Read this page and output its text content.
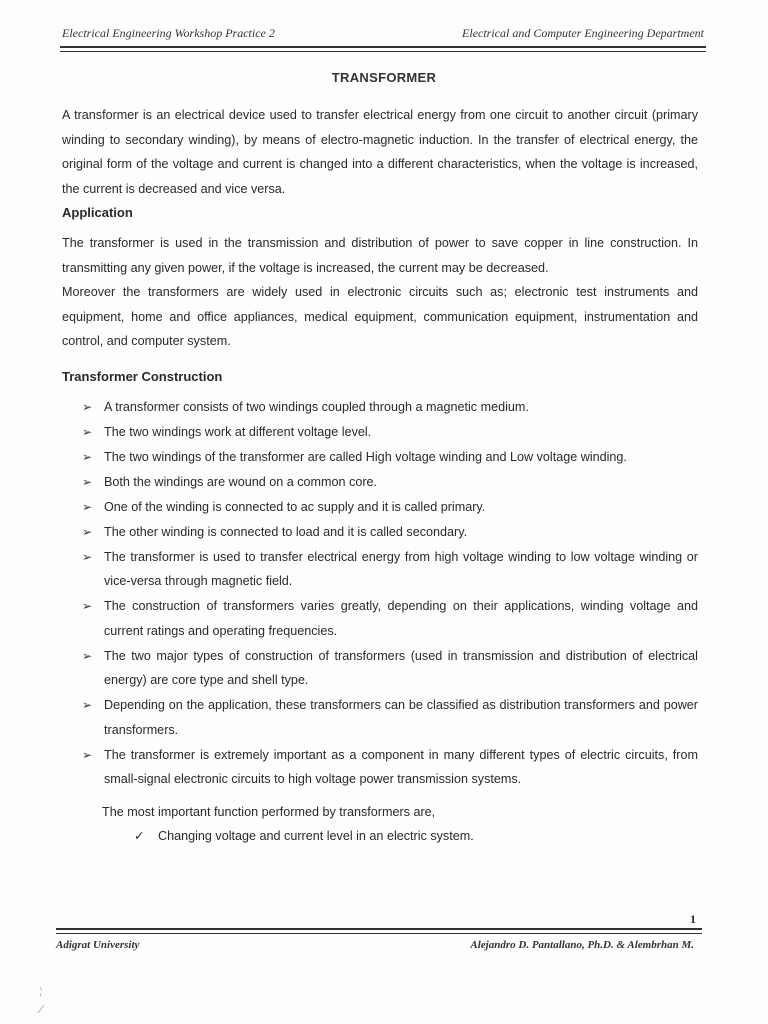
Electrical Engineering Workshop Practice 2	Electrical and Computer Engineering Department
TRANSFORMER

A transformer is an electrical device used to transfer electrical energy from one circuit to another circuit (primary winding to secondary winding), by means of electro-magnetic induction. In the transfer of electrical energy, the original form of the voltage and current is changed into a different characteristics, when the voltage is increased, the current is decreased and vice versa.

Application

The transformer is used in the transmission and distribution of power to save copper in line construction. In transmitting any given power, if the voltage is increased, the current may be decreased.

Moreover the transformers are widely used in electronic circuits such as; electronic test instruments and equipment, home and office appliances, medical equipment, communication equipment, instrumentation and control, and computer system.

Transformer Construction
➢ A transformer consists of two windings coupled through a magnetic medium.
➢ The two windings work at different voltage level.
➢ The two windings of the transformer are called High voltage winding and Low voltage winding.
➢ Both the windings are wound on a common core.
➢ One of the winding is connected to ac supply and it is called primary.
➢ The other winding is connected to load and it is called secondary.
➢ The transformer is used to transfer electrical energy from high voltage winding to low voltage winding or vice-versa through magnetic field.
➢ The construction of transformers varies greatly, depending on their applications, winding voltage and current ratings and operating frequencies.
➢ The two major types of construction of transformers (used in transmission and distribution of electrical energy) are core type and shell type.
➢ Depending on the application, these transformers can be classified as distribution transformers and power transformers.
➢ The transformer is extremely important as a component in many different types of electric circuits, from small-signal electronic circuits to high voltage power transmission systems.

The most important function performed by transformers are,

✓ Changing voltage and current level in an electric system.

1
Adigrat University	Alejandro D. Pantallano, Ph.D. & Alembrhan M.
